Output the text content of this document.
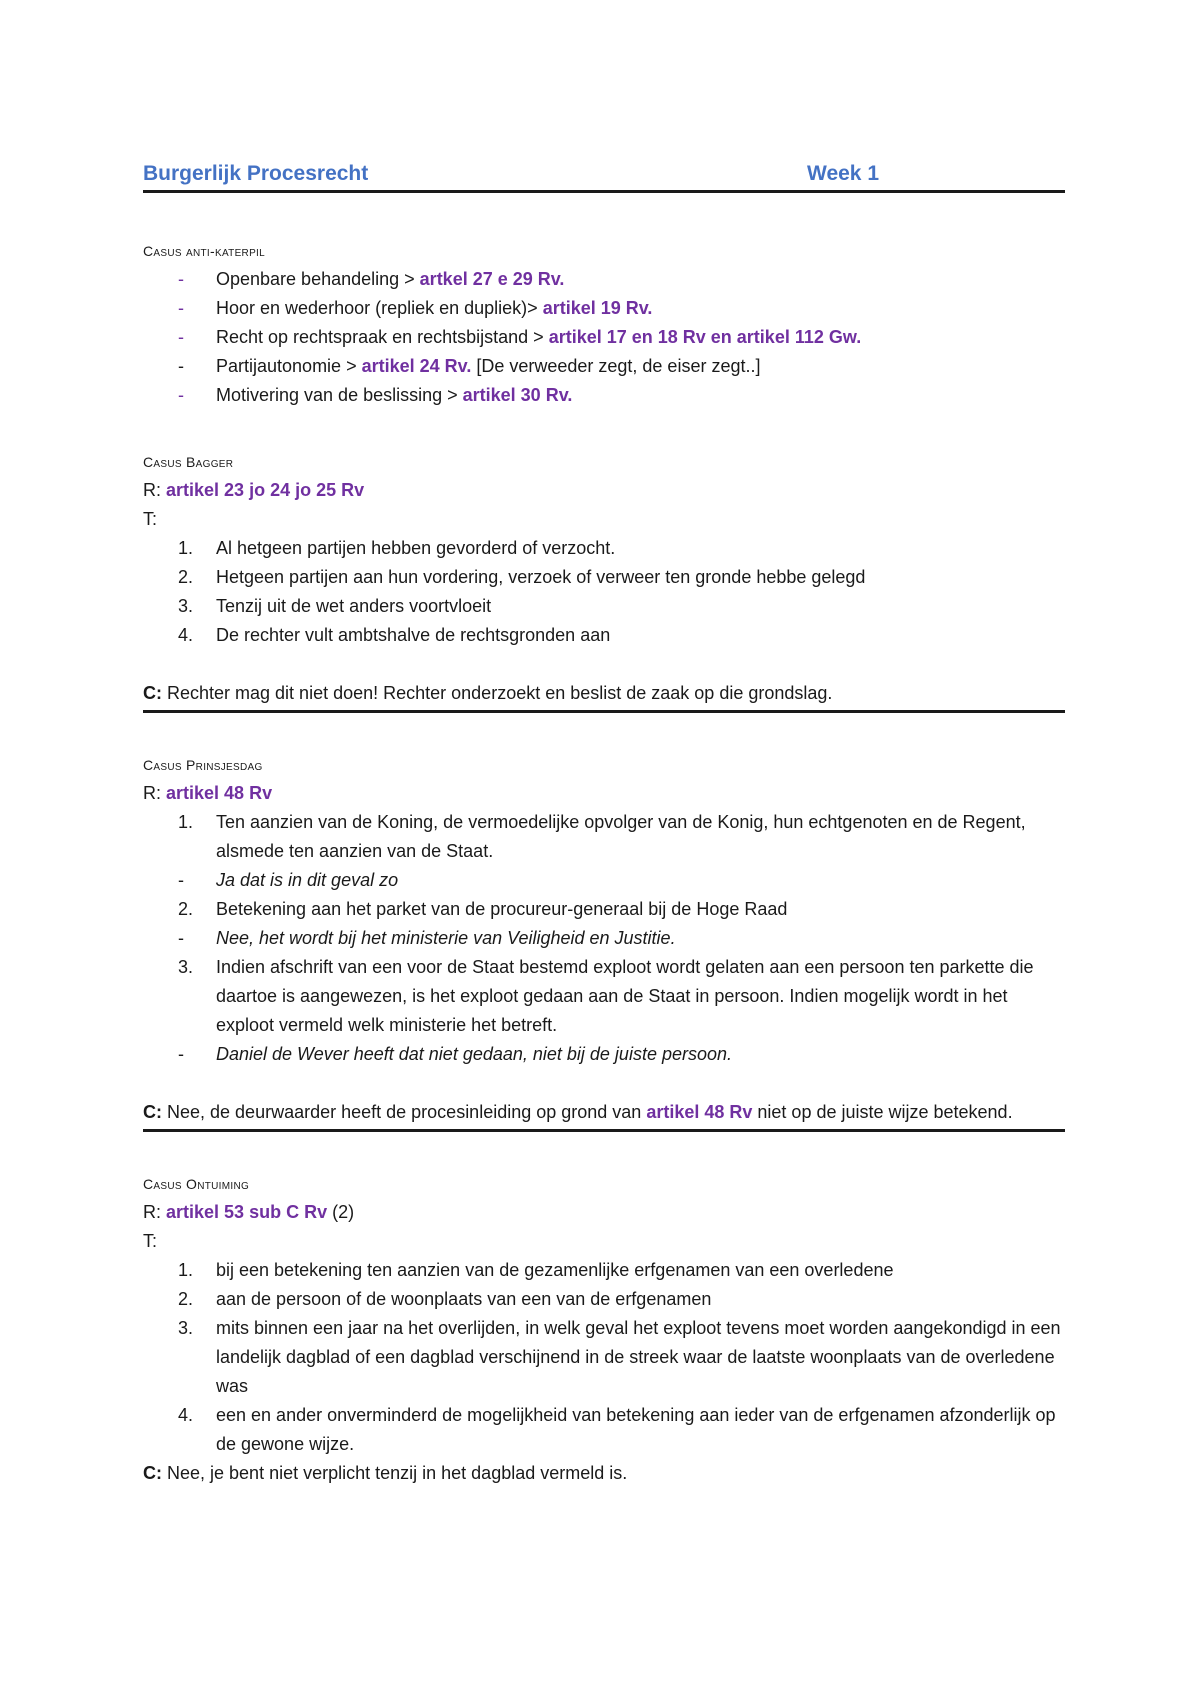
Burgerlijk Procesrecht	Week 1
Casus anti-katerpil
-	Openbare behandeling > artkel 27 e 29 Rv.
-	Hoor en wederhoor (repliek en dupliek)> artikel 19 Rv.
-	Recht op rechtspraak en rechtsbijstand > artikel 17 en 18 Rv en artikel 112 Gw.
-	Partijautonomie > artikel 24 Rv. [De verweeder zegt, de eiser zegt..]
-	Motivering van de beslissing > artikel 30 Rv.
Casus Bagger
R: artikel 23 jo 24 jo 25 Rv
T:
1.	Al hetgeen partijen hebben gevorderd of verzocht.
2.	Hetgeen partijen aan hun vordering, verzoek of verweer ten gronde hebbe gelegd
3.	Tenzij uit de wet anders voortvloeit
4.	De rechter vult ambtshalve de rechtsgronden aan
C: Rechter mag dit niet doen! Rechter onderzoekt en beslist de zaak op die grondslag.
Casus Prinsjesdag
R: artikel 48 Rv
1.	Ten aanzien van de Koning, de vermoedelijke opvolger van de Konig, hun echtgenoten en de Regent, alsmede ten aanzien van de Staat.
-	Ja dat is in dit geval zo
2.	Betekening aan het parket van de procureur-generaal bij de Hoge Raad
-	Nee, het wordt bij het ministerie van Veiligheid en Justitie.
3.	Indien afschrift van een voor de Staat bestemd exploot wordt gelaten aan een persoon ten parkette die daartoe is aangewezen, is het exploot gedaan aan de Staat in persoon. Indien mogelijk wordt in het exploot vermeld welk ministerie het betreft.
-	Daniel de Wever heeft dat niet gedaan, niet bij de juiste persoon.
C: Nee, de deurwaarder heeft de procesinleiding op grond van artikel 48 Rv niet op de juiste wijze betekend.
Casus Ontuiming
R: artikel 53 sub C Rv (2)
T:
1.	bij een betekening ten aanzien van de gezamenlijke erfgenamen van een overledene
2.	aan de persoon of de woonplaats van een van de erfgenamen
3.	mits binnen een jaar na het overlijden, in welk geval het exploot tevens moet worden aangekondigd in een landelijk dagblad of een dagblad verschijnend in de streek waar de laatste woonplaats van de overledene was
4.	een en ander onverminderd de mogelijkheid van betekening aan ieder van de erfgenamen afzonderlijk op de gewone wijze.
C: Nee, je bent niet verplicht tenzij in het dagblad vermeld is.
